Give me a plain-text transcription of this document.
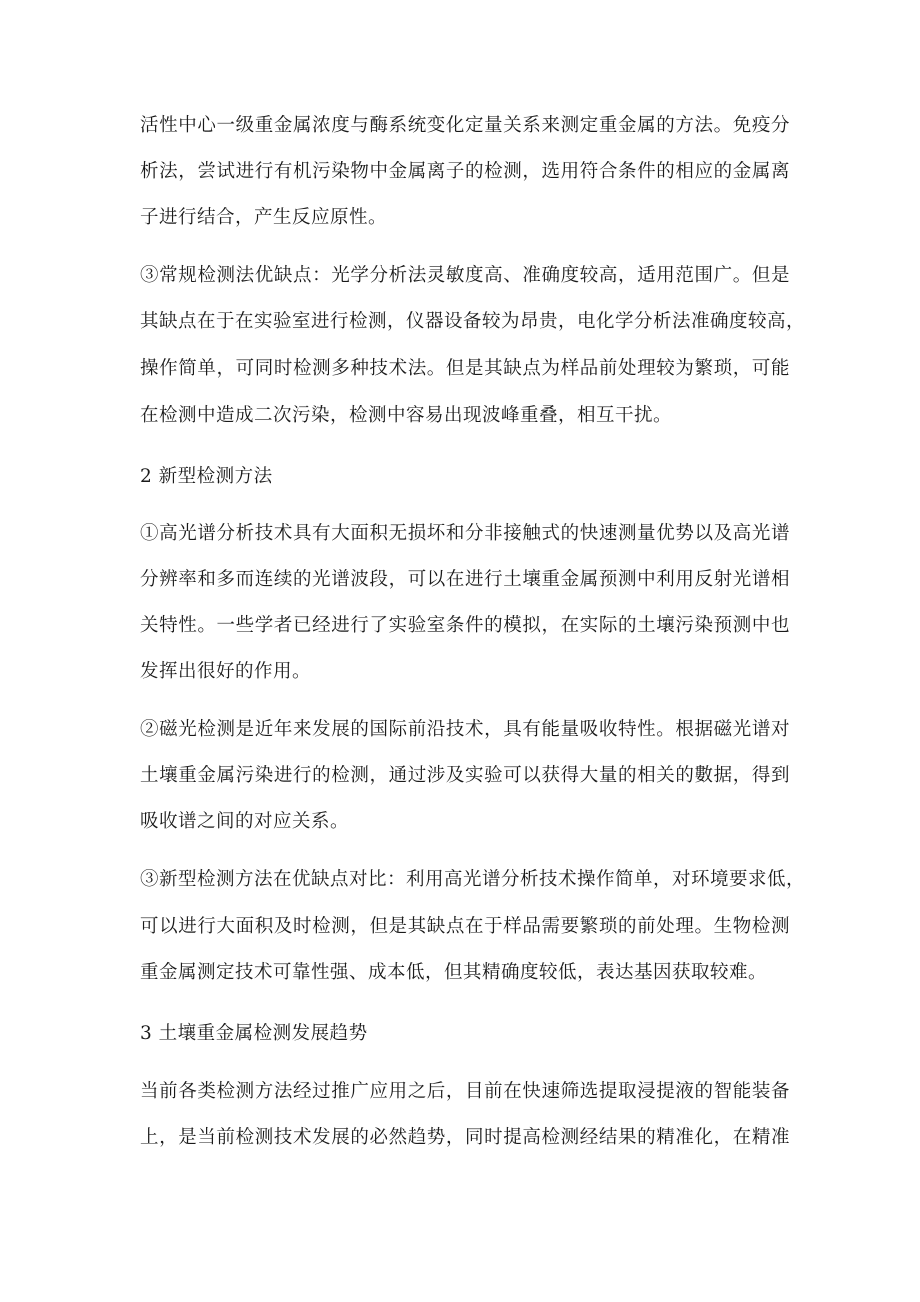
活性中心一级重金属浓度与酶系统变化定量关系来测定重金属的方法。免疫分
析法，尝试进行有机污染物中金属离子的检测，选用符合条件的相应的金属离
子进行结合，产生反应原性。
③常规检测法优缺点：光学分析法灵敏度高、准确度较高，适用范围广。但是
其缺点在于在实验室进行检测，仪器设备较为昂贵，电化学分析法准确度较高，
操作简单，可同时检测多种技术法。但是其缺点为样品前处理较为繁琐，可能
在检测中造成二次污染，检测中容易出现波峰重叠，相互干扰。
2 新型检测方法
①高光谱分析技术具有大面积无损坏和分非接触式的快速测量优势以及高光谱
分辨率和多而连续的光谱波段，可以在进行土壤重金属预测中利用反射光谱相
关特性。一些学者已经进行了实验室条件的模拟，在实际的土壤污染预测中也
发挥出很好的作用。
②磁光检测是近年来发展的国际前沿技术，具有能量吸收特性。根据磁光谱对
土壤重金属污染进行的检测，通过涉及实验可以获得大量的相关的數据，得到
吸收谱之间的对应关系。
③新型检测方法在优缺点对比：利用高光谱分析技术操作简单，对环境要求低，
可以进行大面积及时检测，但是其缺点在于样品需要繁琐的前处理。生物检测
重金属测定技术可靠性强、成本低，但其精确度较低，表达基因获取较难。
3 土壤重金属检测发展趋势
当前各类检测方法经过推广应用之后，目前在快速筛选提取浸提液的智能装备
上，是当前检测技术发展的必然趋势，同时提高检测经结果的精准化，在精准
